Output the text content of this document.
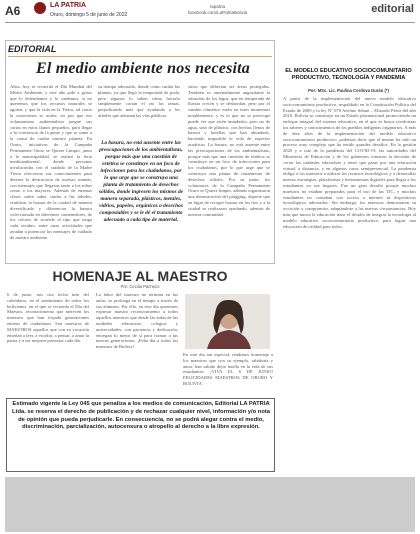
A6	LA PATRIA
Oruro, domingo 5 de junio de 2022
lapatria
facebook.com/LaPatriaBolivia	editorial
EDITORIAL
El medio ambiente nos necesita
Años, hoy se recuerda el Día Mundial del Medio Ambiente, y este año pide a gritos que lo defendamos y lo cuidemos, si no queremos que los recursos naturales se agoten, y que la vida en la Tierra, tal como la conocemos se acabe, en pos que ese voluntarismo ambientalista juegue sus cartas en estos llanos pequeños, para llegar a la conciencia de la gente y que se sume a la causa de cuidar nuestro planeta. En Oruro, iniciativas de la Campaña Permanente Oruro se Quiere Limpio, junto a la municipalidad, se realizó la feria medioambiental, donde personas involucradas con el cuidado de la Madre Tierra ofrecieron sus conocimientos para detener la destrucción de nuestro mundo, con mensajes que llegaron tanto a los niños como a los mayores. Además de ensenar clases sobre saber cuidar a las árboles, reutilizar la basura de la ciudad de manera diversificada y diferenciar la basura coleccionada en diferentes contenedores, de los colores de acuerdo al tipo que tenga cada residuo, entre otras actividades que ayudan a potenciar los mensajes de cuidado de nuestro ambiente.
su tiempo adecuado, donde cómo cuidar las plantas, ya que llegó la temporada de poda, pero algunos lo saben cómo hacerlo simplemente cortan el ras las ramas, perjudicando más que ayudando a los árboles que adornan las vías públicas.
La basura, no está ausente entre las preocupaciones de los ambientalistas, porque más que una cuestión de estética se constituye en un foco de infecciones para los ciudadanos, por lo que urge que se construya una planta de tratamiento de desechos sólidos, donde ingresen los mismos de manera separada, plásticos, metales, vidrios, papeles, orgánicos o desechos compostables y se le dé el tratamiento adecuado a cada tipo de material.
sitios que deberían ser áreas protegidas. También es anormalmente angustiante la situación de los lagos, que en temporada de lluvias crecen y se desbordan, pero por el cambio climático están en estos momentos notablemente, y es lo que no se preocupe puede ver que estén inundados, pero no de agua, sino de plástico, con hechos llenos de basura y botellas que han abundado, haciendo imposible la vida de especies acuáticas. La basura, no está ausente entre las preocupaciones de los ambientalistas, porque más que una cuestión de estética se constituye en un foco de infecciones para los ciudadanos, por lo que urge que se construya una planta de tratamiento de desechos sólidos. Por su parte, los voluntarios de la Campaña Permanente Oruro se Quiere limpio, además organizaron una demostración del plogging, deporte que en lugar de recoger basura en los ríos y a la ciudad se realizaron ayudando, además de nuestra comunidad.
EL MODELO EDUCATIVO SOCIOCOMUNITARIO PRODUCTIVO, TECNOLOGÍA Y PANDEMIA
Por: MSc. Lic. Paulina Cordova Durán (*)
A partir de la implementación del nuevo modelo educativo sociocomunitario productivo, respaldado en la Constitución Política del Estado de 2009 y la ley N° 070 Avelino Siñani – Elizardo Pérez del año 2010, Bolivia se constituye en un Estado plurinacional promoviendo un enfoque integral del sistema educativo, en el que se busca revalorizar los saberes y conocimientos de los pueblos indígenas originarios. A más de diez años de la implementación del modelo educativo sociocomunitario productivo, podemos decir que el mismo ha sido un proceso muy complejo que ha tenido grandes desafíos. En la gestión 2020 y a raíz de la pandemia del COVID-19, las autoridades del Ministerio de Educación y de los gobiernos tomaron la decisión de cerrar las unidades educativas y tener que pasar por una educación virtual, a distancia, y en algunos casos semipresencial. La pandemia obligó a los maestros a utilizar los recursos tecnológicos y a desarrollar nuevas estrategias, plataformas y herramientas digitales para llegar a los estudiantes en sus hogares. Fue un gran desafío porque muchos maestros no estaban preparados para el uso de las TIC, y muchos estudiantes no contaban con acceso a internet ni dispositivos tecnológicos adecuados. Sin embargo, los maestros demostraron su vocación y compromiso, adaptándose a las nuevas circunstancias. Hoy más que nunca la educación tiene el desafío de integrar la tecnología al modelo educativo sociocomunitario productivo, para lograr una educación de calidad para todos.
HOMENAJE AL MAESTRO
Por: Cecilia Pacheco
6 de junio, nos cita fecha más del calendario, en el sentimiento de todos los bolivianos, en el que se recuerda el Día del Maestro, reconocimiento que merecen los maestros que han forjado generaciones enteras de ciudadanos. Son maestros de MAESTROS aquellos que con su vocación enseñan a leer, a escribir, a pensar, a amar la patria y a ser mejores personas cada día.
La labor del maestro no termina en las aulas, se prolonga en el tiempo a través de sus alumnos. Por ello, en este día queremos expresar nuestro reconocimiento a todos aquellos maestros que desde las aulas de las unidades educativas, colegios y universidades, con paciencia y dedicación, entregan lo mejor de sí para formar a las nuevas generaciones. ¡Feliz día a todos los maestros de Bolivia!
En este día tan especial, rendimos homenaje a los maestros que con su ejemplo, sabiduría y amor, han sabido dejar huella en la vida de sus estudiantes. ¡VIVA EL 6 DE JUNIO! FELICIDADES MAESTROS DE ORURO Y BOLIVIA
Estimado vigente la Ley 045 que penaliza a los medios de comunicación, Editorial LA PATRIA Ltda. se reserva el derecho de publicación y de rechazar cualquier nivel, información y/o nota de opinión que pueda perjudicarle. En consecuencia, no se podrá alegar contra el medio, discriminación, parcialización, autocensura o atropello al derecho a la libre expresión.
